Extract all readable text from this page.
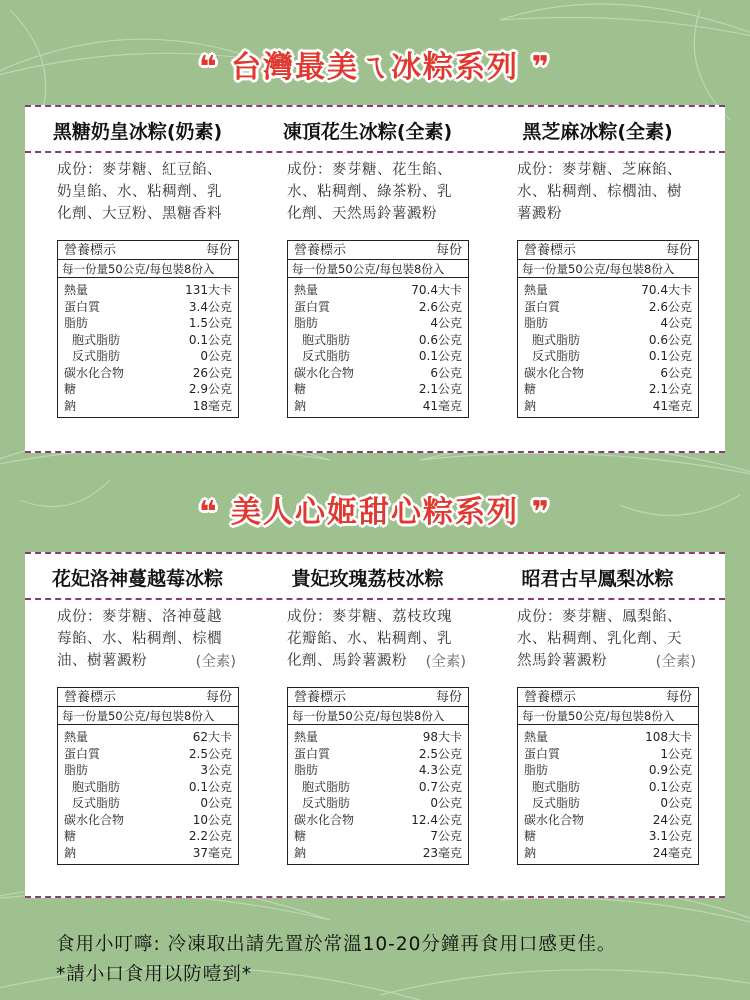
❝ 台灣最美ㄟ冰粽系列 ❞
黑糖奶皇冰粽(奶素)
成份：麥芽糖、紅豆餡、
奶皇餡、水、粘稠劑、乳
化劑、大豆粉、黑糖香料
營養標示	每份
每一份量50公克/每包裝8份入
熱量	131大卡
蛋白質	3.4公克
脂肪	1.5公克
胞式脂肪	0.1公克
反式脂肪	0公克
碳水化合物	26公克
糖	2.9公克
鈉	18毫克
凍頂花生冰粽(全素)
成份：麥芽糖、花生餡、
水、粘稠劑、綠茶粉、乳
化劑、天然馬鈴薯澱粉
營養標示	每份
每一份量50公克/每包裝8份入
熱量	70.4大卡
蛋白質	2.6公克
脂肪	4公克
胞式脂肪	0.6公克
反式脂肪	0.1公克
碳水化合物	6公克
糖	2.1公克
鈉	41毫克
黑芝麻冰粽(全素)
成份：麥芽糖、芝麻餡、
水、粘稠劑、棕櫚油、樹
薯澱粉
營養標示	每份
每一份量50公克/每包裝8份入
熱量	70.4大卡
蛋白質	2.6公克
脂肪	4公克
胞式脂肪	0.6公克
反式脂肪	0.1公克
碳水化合物	6公克
糖	2.1公克
鈉	41毫克
❝ 美人心姬甜心粽系列 ❞
花妃洛神蔓越莓冰粽
成份：麥芽糖、洛神蔓越
莓餡、水、粘稠劑、棕櫚
油、樹薯澱粉	(全素)
營養標示	每份
每一份量50公克/每包裝8份入
熱量	62大卡
蛋白質	2.5公克
脂肪	3公克
胞式脂肪	0.1公克
反式脂肪	0公克
碳水化合物	10公克
糖	2.2公克
鈉	37毫克
貴妃玫瑰荔枝冰粽
成份：麥芽糖、荔枝玫瑰
花瓣餡、水、粘稠劑、乳
化劑、馬鈴薯澱粉	(全素)
營養標示	每份
每一份量50公克/每包裝8份入
熱量	98大卡
蛋白質	2.5公克
脂肪	4.3公克
胞式脂肪	0.7公克
反式脂肪	0公克
碳水化合物	12.4公克
糖	7公克
鈉	23毫克
昭君古早鳳梨冰粽
成份：麥芽糖、鳳梨餡、
水、粘稠劑、乳化劑、天
然馬鈴薯澱粉	(全素)
營養標示	每份
每一份量50公克/每包裝8份入
熱量	108大卡
蛋白質	1公克
脂肪	0.9公克
胞式脂肪	0.1公克
反式脂肪	0公克
碳水化合物	24公克
糖	3.1公克
鈉	24毫克
食用小叮嚀: 冷凍取出請先置於常溫10-20分鐘再食用口感更佳。
*請小口食用以防噎到*
